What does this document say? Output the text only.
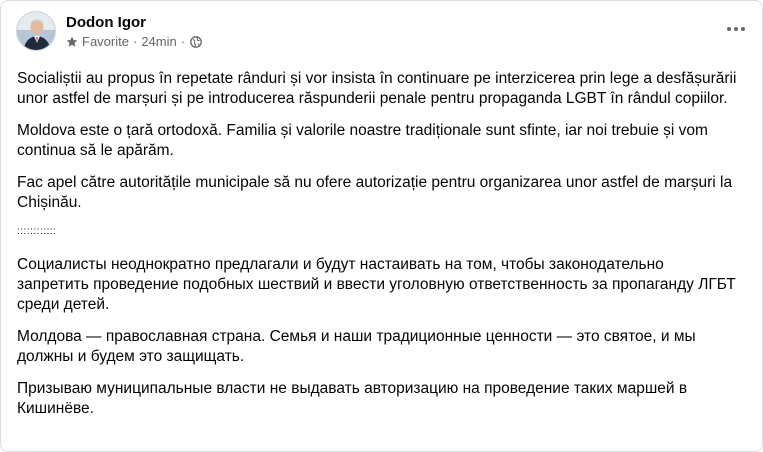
Dodon Igor
Favorite · 24min ·

Socialiștii au propus în repetate rânduri și vor insista în continuare pe interzicerea prin lege a desfășurării unor astfel de marșuri și pe introducerea răspunderii penale pentru propaganda LGBT în rândul copiilor.

Moldova este o țară ortodoxă. Familia și valorile noastre tradiționale sunt sfinte, iar noi trebuie și vom continua să le apărăm.

Fac apel către autoritățile municipale să nu ofere autorizație pentru organizarea unor astfel de marșuri la Chișinău.

::::::::::::

Социалисты неоднократно предлагали и будут настаивать на том, чтобы законодательно запретить проведение подобных шествий и ввести уголовную ответственность за пропаганду ЛГБТ среди детей.

Молдова — православная страна. Семья и наши традиционные ценности — это святое, и мы должны и будем это защищать.

Призываю муниципальные власти не выдавать авторизацию на проведение таких маршей в Кишинёве.
